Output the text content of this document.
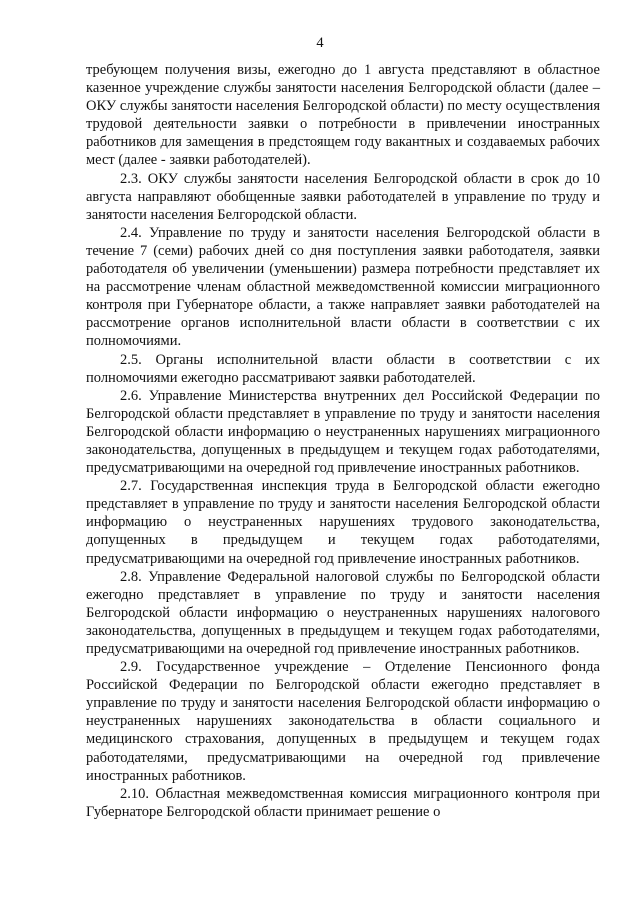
4

требующем получения визы, ежегодно до 1 августа представляют в областное казенное учреждение службы занятости населения Белгородской области (далее – ОКУ службы занятости населения Белгородской области) по месту осуществления трудовой деятельности заявки о потребности в привлечении иностранных работников для замещения в предстоящем году вакантных и создаваемых рабочих мест (далее - заявки работодателей).

2.3. ОКУ службы занятости населения Белгородской области в срок до 10 августа направляют обобщенные заявки работодателей в управление по труду и занятости населения Белгородской области.

2.4. Управление по труду и занятости населения Белгородской области в течение 7 (семи) рабочих дней со дня поступления заявки работодателя, заявки работодателя об увеличении (уменьшении) размера потребности представляет их на рассмотрение членам областной межведомственной комиссии миграционного контроля при Губернаторе области, а также направляет заявки работодателей на рассмотрение органов исполнительной власти области в соответствии с их полномочиями.

2.5. Органы исполнительной власти области в соответствии с их полномочиями ежегодно рассматривают заявки работодателей.

2.6. Управление Министерства внутренних дел Российской Федерации по Белгородской области представляет в управление по труду и занятости населения Белгородской области информацию о неустраненных нарушениях миграционного законодательства, допущенных в предыдущем и текущем годах работодателями, предусматривающими на очередной год привлечение иностранных работников.

2.7. Государственная инспекция труда в Белгородской области ежегодно представляет в управление по труду и занятости населения Белгородской области информацию о неустраненных нарушениях трудового законодательства, допущенных в предыдущем и текущем годах работодателями, предусматривающими на очередной год привлечение иностранных работников.

2.8. Управление Федеральной налоговой службы по Белгородской области ежегодно представляет в управление по труду и занятости населения Белгородской области информацию о неустраненных нарушениях налогового законодательства, допущенных в предыдущем и текущем годах работодателями, предусматривающими на очередной год привлечение иностранных работников.

2.9. Государственное учреждение – Отделение Пенсионного фонда Российской Федерации по Белгородской области ежегодно представляет в управление по труду и занятости населения Белгородской области информацию о неустраненных нарушениях законодательства в области социального и медицинского страхования, допущенных в предыдущем и текущем годах работодателями, предусматривающими на очередной год привлечение иностранных работников.

2.10. Областная межведомственная комиссия миграционного контроля при Губернаторе Белгородской области принимает решение о
